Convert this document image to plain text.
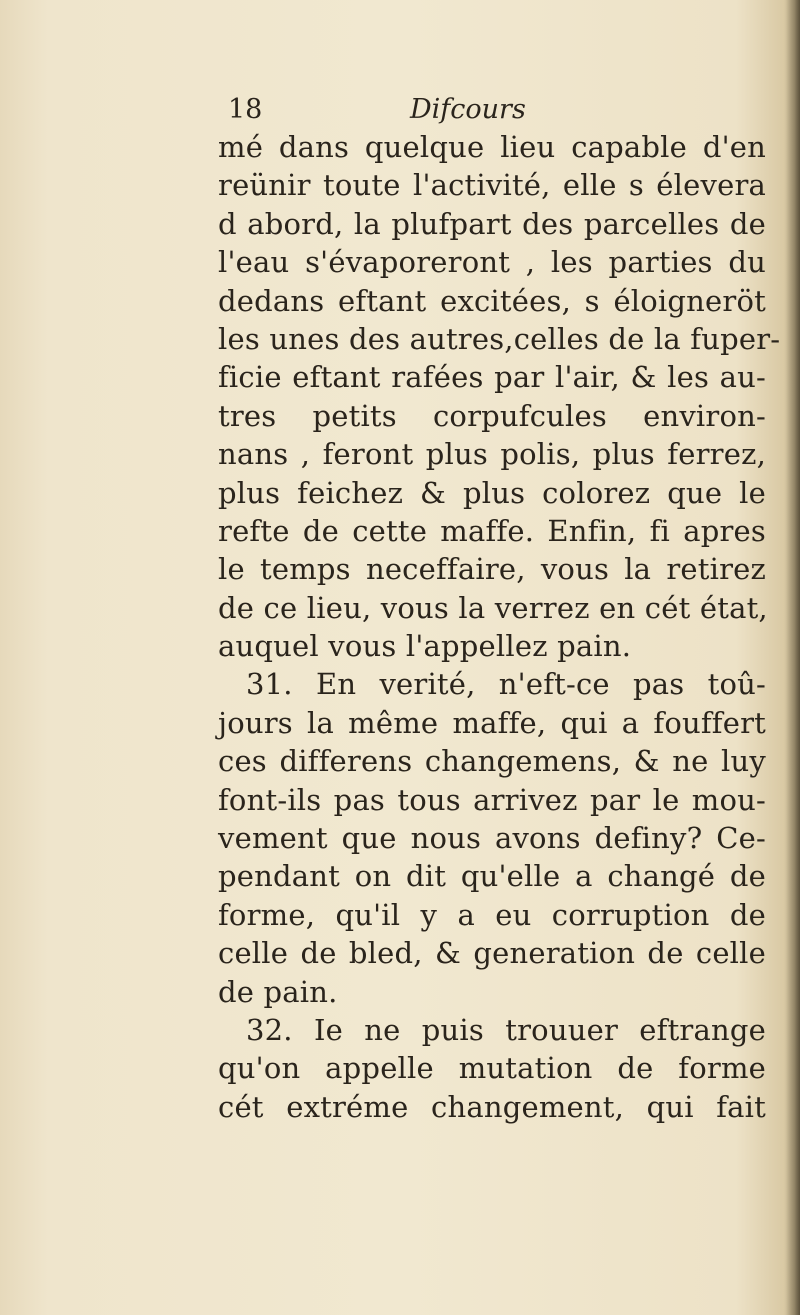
18	Difcours
mé dans quelque lieu capable d'en
reünir toute l'activité, elle s élevera
d abord, la plufpart des parcelles de
l'eau s'évaporeront , les parties du
dedans eftant excitées, s éloigneröt
les unes des autres,celles de la fuper-
ficie eftant rafées par l'air, & les au-
tres petits corpufcules environ-
nans , feront plus polis, plus ferrez,
plus feichez & plus colorez que le
refte de cette maffe. Enfin, fi apres
le temps neceffaire, vous la retirez
de ce lieu, vous la verrez en cét état,
auquel vous l'appellez pain.
31. En verité, n'eft-ce pas toû-
jours la même maffe, qui a fouffert
ces differens changemens, & ne luy
font-ils pas tous arrivez par le mou-
vement que nous avons definy? Ce-
pendant on dit qu'elle a changé de
forme, qu'il y a eu corruption de
celle de bled, & generation de celle
de pain.
32. Ie ne puis trouuer eftrange
qu'on appelle mutation de forme
cét extréme changement, qui fait
